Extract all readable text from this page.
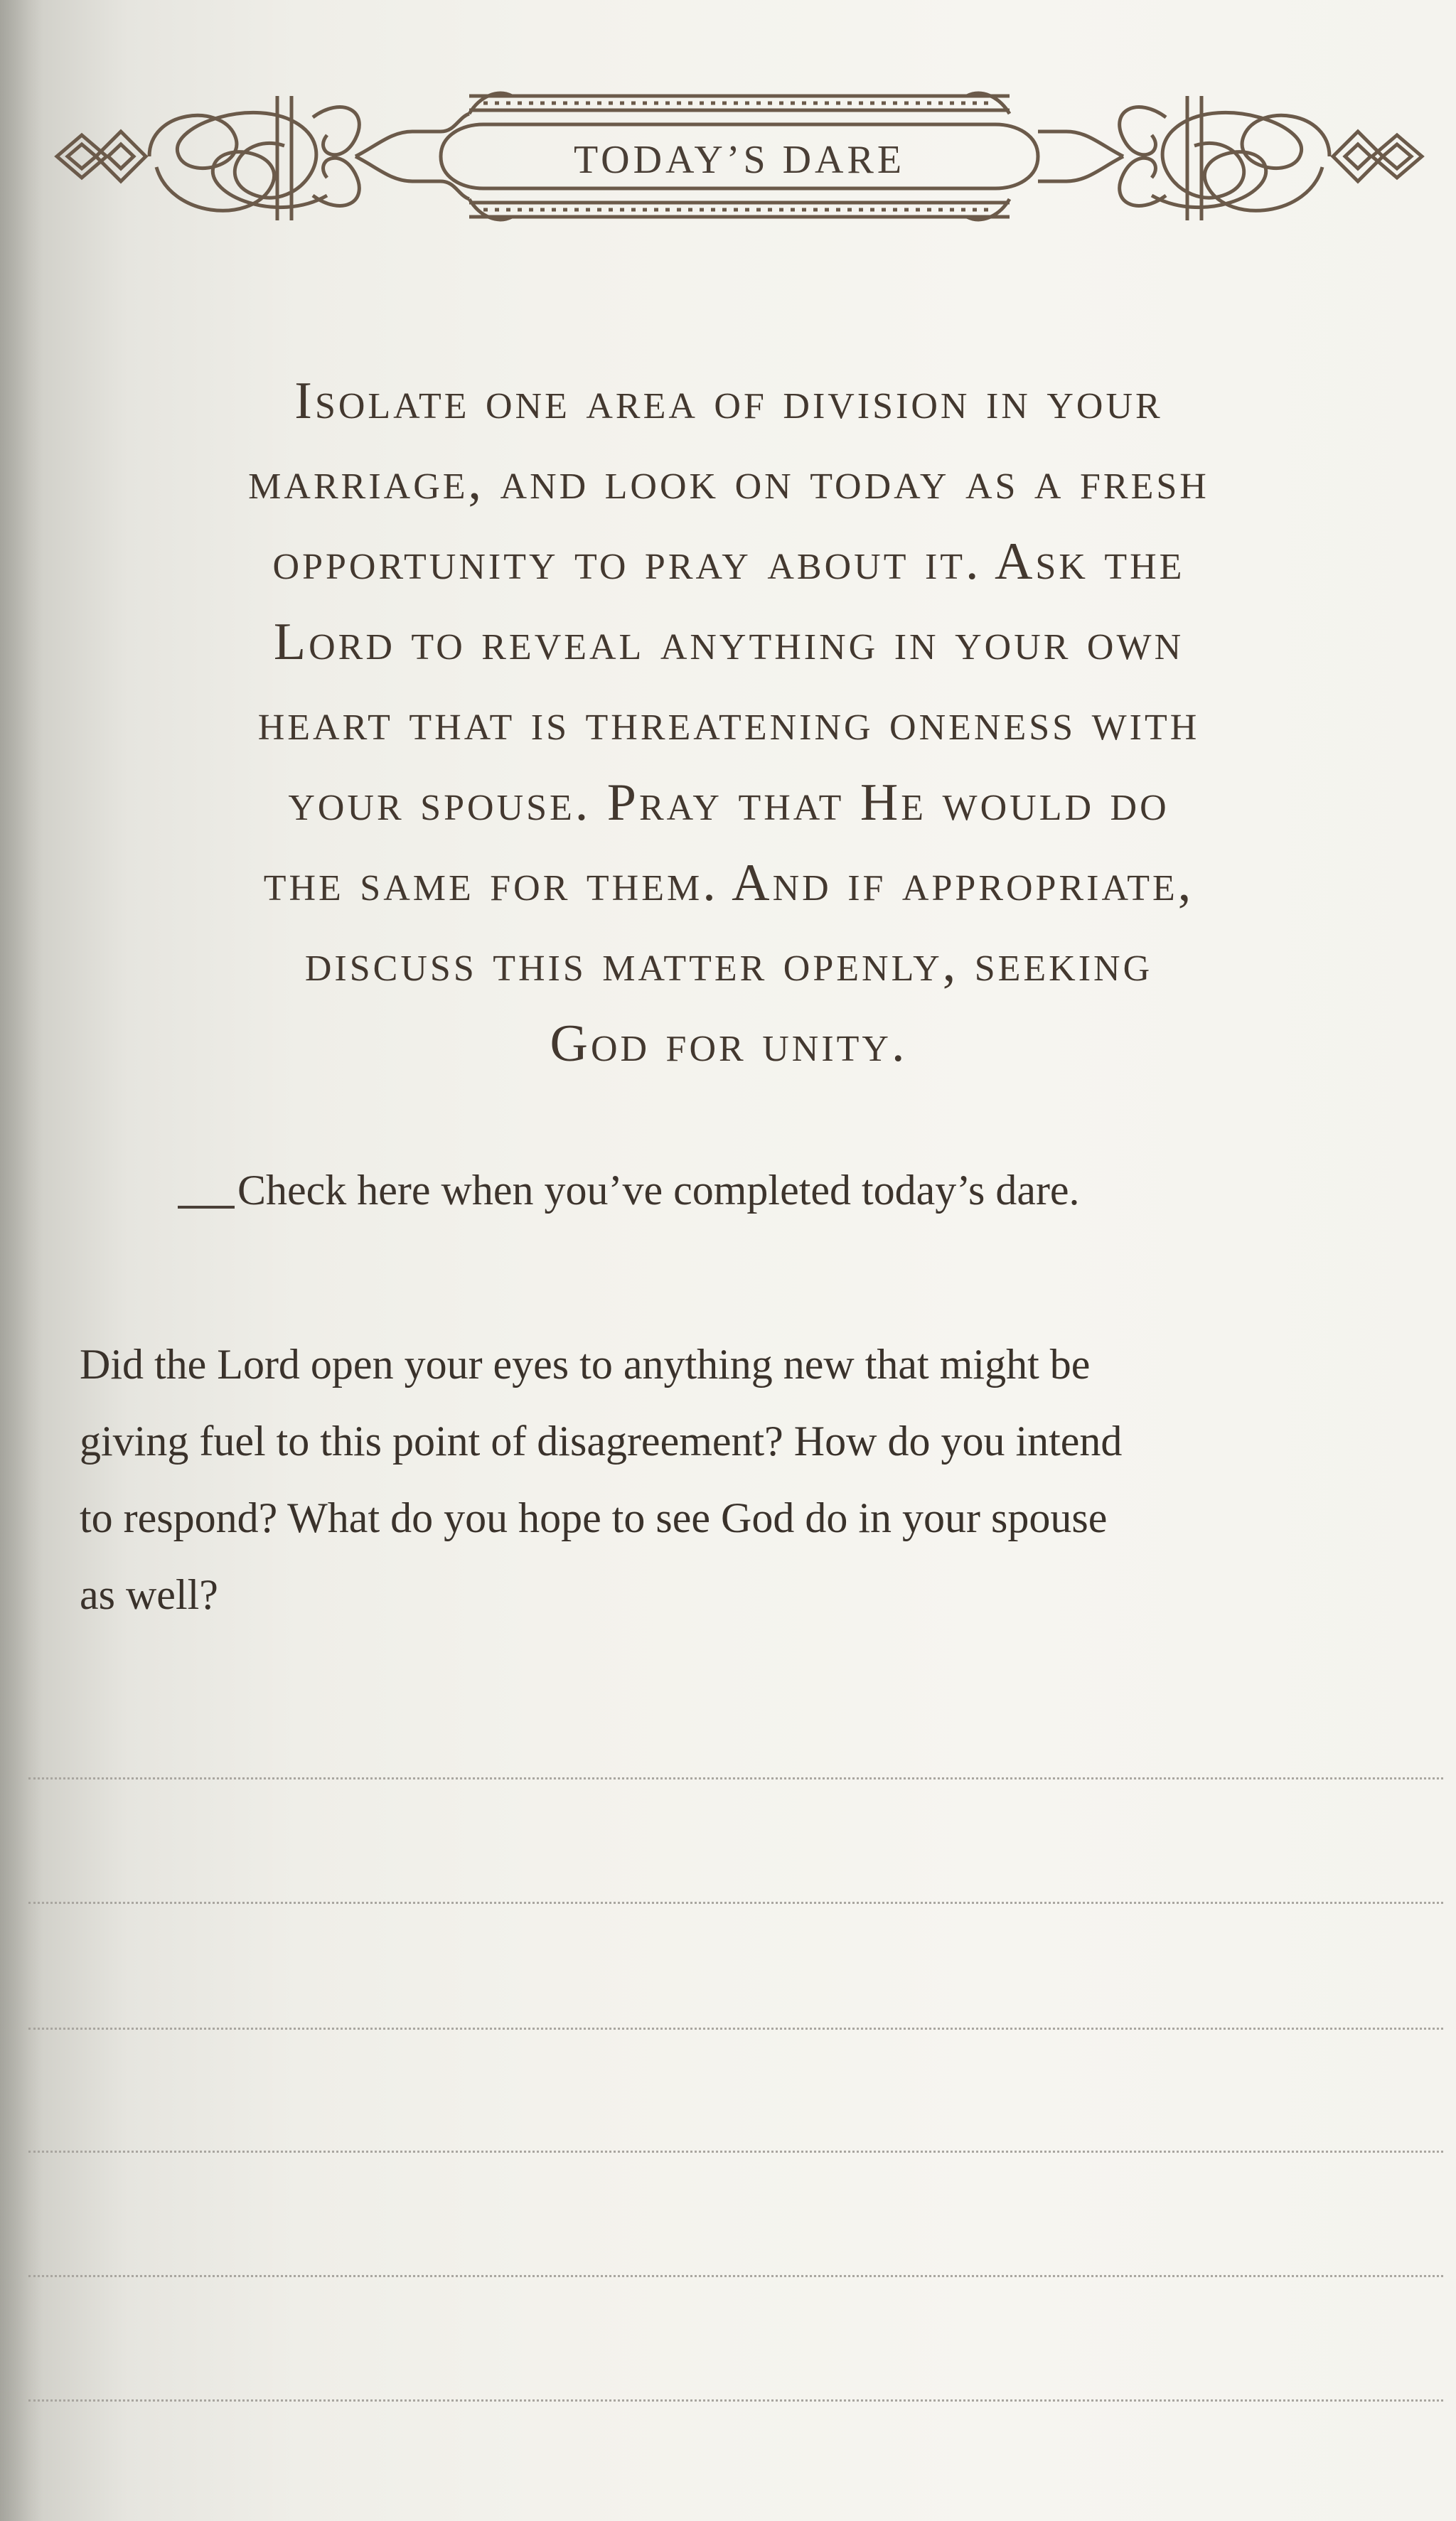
TODAY’S DARE
Isolate one area of division in your
marriage, and look on today as a fresh
opportunity to pray about it. Ask the
Lord to reveal anything in your own
heart that is threatening oneness with
your spouse. Pray that He would do
the same for them. And if appropriate,
discuss this matter openly, seeking
God for unity.
Check here when you’ve completed today’s dare.
Did the Lord open your eyes to anything new that might be
giving fuel to this point of disagreement? How do you intend
to respond? What do you hope to see God do in your spouse
as well?
